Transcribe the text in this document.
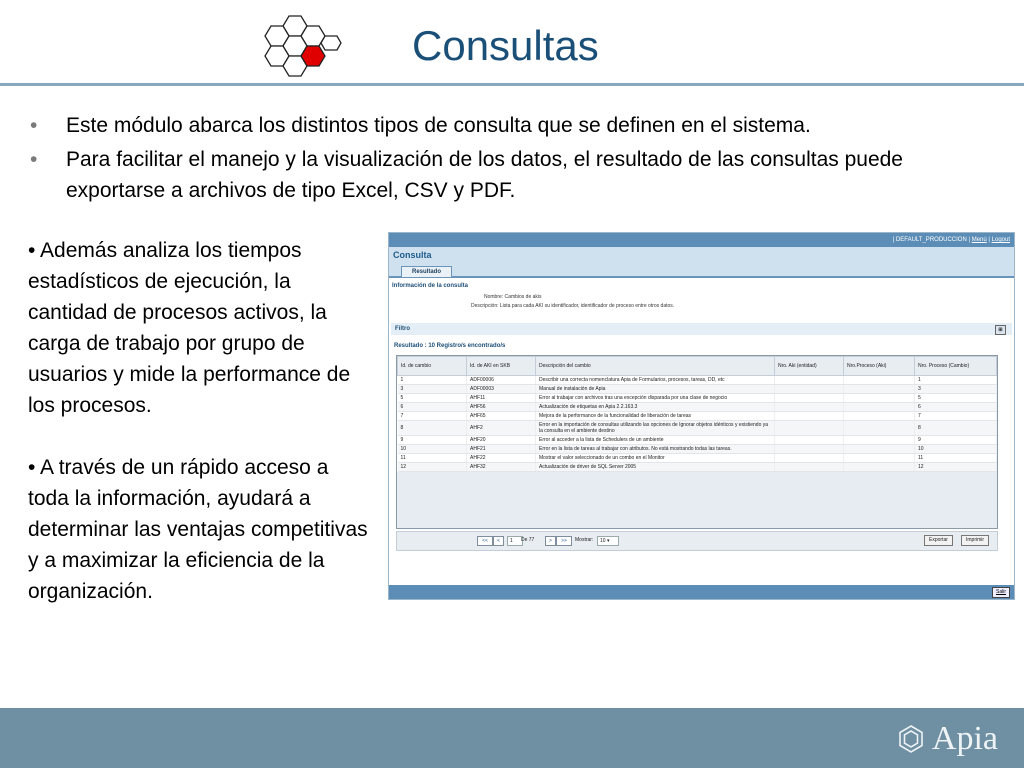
Consultas
• Este módulo abarca los distintos tipos de consulta que se definen en el sistema.
• Para facilitar el manejo y la visualización de los datos, el resultado de las consultas puede exportarse a archivos de tipo Excel, CSV y PDF.

• Además analiza los tiempos estadísticos de ejecución, la cantidad de procesos activos, la carga de trabajo por grupo de usuarios y mide la performance de los procesos.

• A través de un rápido acceso a toda la información, ayudará a determinar las ventajas competitivas y a maximizar la eficiencia de la organización.

| DEFAULT_PRODUCCION | Menú | Logout
Consulta
Resultado
Información de la consulta
Nombre: Cambios de akis
Descripción: Lista para cada AKI su identificador, identificador de proceso entre otros datos.
Filtro	⊞
Resultado : 10 Registro/s encontrado/s
Id. de cambio	Id. de AKI en SKB	Descripción del cambio	Nro. Aki (entidad)	Nro.Proceso (Aki)	Nro. Proceso (Cambio)
1	ADF00006	Describir una correcta nomenclatura Apia de Formularios, procesos, tareas, DD, etc			1
3	ADF00003	Manual de instalación de Apia			3
5	AHF11	Error al trabajar con archivos tras una excepción disparada por una clase de negocio			5
6	AHF56	Actualización de etiquetas en Apia 2.2.163.3			6
7	AHF65	Mejora de la performance de la funcionalidad de liberación de tareas			7
8	AHF2	Error en la importación de consultas utilizando las opciones de Ignorar objetos idénticos y existiendo ya la consulta en el ambiente destino			8
9	AHF20	Error al acceder a la lista de Schedulers de un ambiente			9
10	AHF21	Error en la lista de tareas al trabajar con atributos. No está mostrando todas las tareas.			10
11	AHF22	Mostrar el valor seleccionado de un combo en el Monitor			11
12	AHF32	Actualización de driver de SQL Server 2005			12
<<	<	1	De 77	>	>>	Mostrar:	10 ▾	Exportar	Imprimir
Salir
Apia
